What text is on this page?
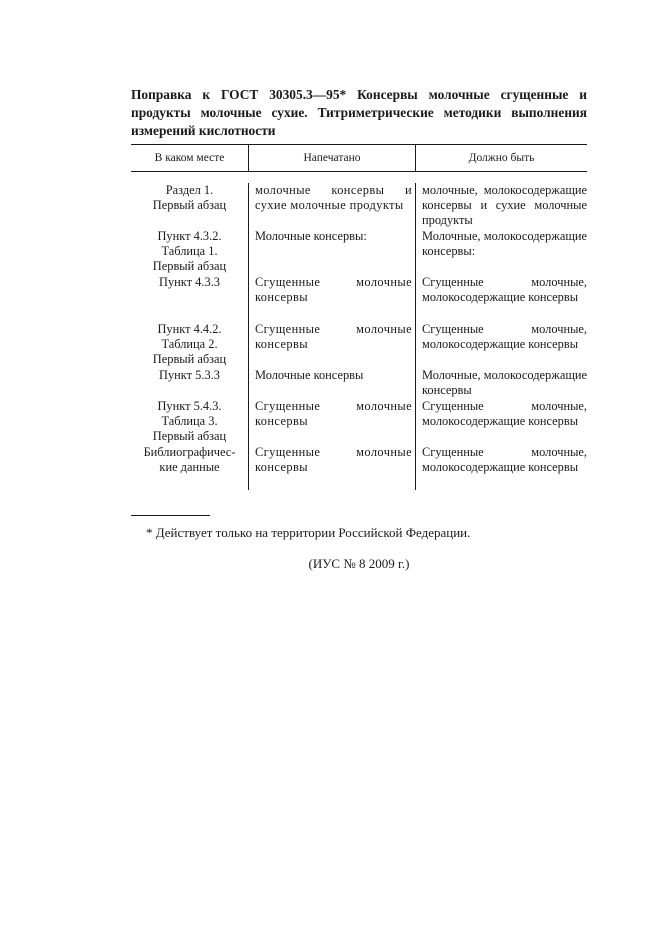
Поправка к ГОСТ 30305.3—95* Консервы молочные сгущенные и продукты молочные сухие. Титриметрические методики выполнения измерений кислотности
В каком месте	Напечатано	Должно быть
Раздел 1.
Первый абзац
Пункт 4.3.2.
Таблица 1.
Первый абзац
Пункт 4.3.3
Пункт 4.4.2.
Таблица 2.
Первый абзац
Пункт 5.3.3
Пункт 5.4.3.
Таблица 3.
Первый абзац
Библиографичес-
кие данные
молочные консервы и сухие молочные продукты
Молочные консервы:
Сгущенные молочные консервы
Сгущенные молочные консервы
Молочные консервы
Сгущенные молочные консервы
Сгущенные молочные консервы
молочные, молокосодержащие консервы и сухие молочные продукты
Молочные, молокосодержащие консервы:
Сгущенные молочные, молокосодержащие консервы
Сгущенные молочные, молокосодержащие консервы
Молочные, молокосодержащие консервы
Сгущенные молочные, молокосодержащие консервы
Сгущенные молочные, молокосодержащие консервы
* Действует только на территории Российской Федерации.
(ИУС № 8 2009 г.)
